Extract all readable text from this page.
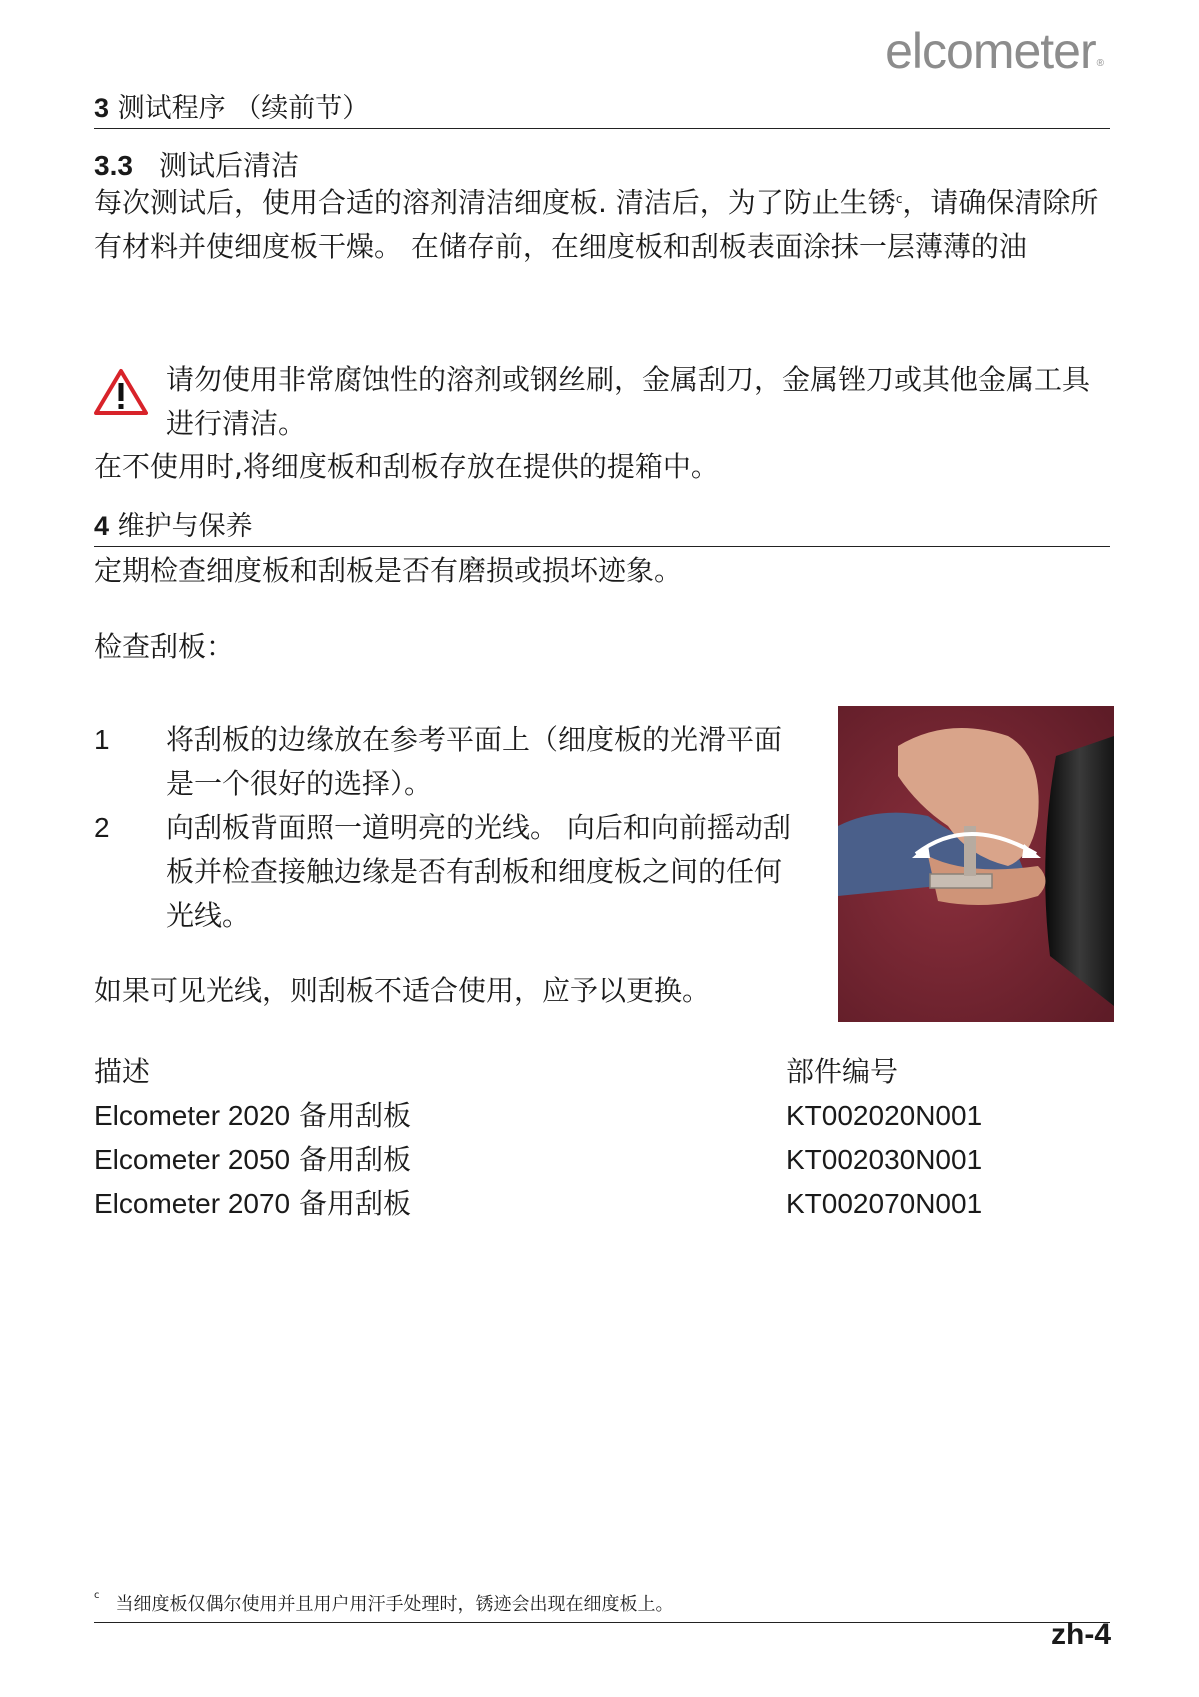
elcometer®
3 测试程序 （续前节）
3.3 测试后清洁
每次测试后，使用合适的溶剂清洁细度板. 清洁后，为了防止生锈$^c$，请确保清除所有材料并使细度板干燥。 在储存前，在细度板和刮板表面涂抹一层薄薄的油
请勿使用非常腐蚀性的溶剂或钢丝刷，金属刮刀，金属锉刀或其他金属工具进行清洁。
在不使用时,将细度板和刮板存放在提供的提箱中。
4 维护与保养
定期检查细度板和刮板是否有磨损或损坏迹象。
检查刮板：
1	将刮板的边缘放在参考平面上（细度板的光滑平面是一个很好的选择）。
2	向刮板背面照一道明亮的光线。 向后和向前摇动刮板并检查接触边缘是否有刮板和细度板之间的任何光线。
如果可见光线，则刮板不适合使用，应予以更换。
描述	部件编号
Elcometer 2020 备用刮板	KT002020N001
Elcometer 2050 备用刮板	KT002030N001
Elcometer 2070 备用刮板	KT002070N001
$^c$ 当细度板仅偶尔使用并且用户用汗手处理时，锈迹会出现在细度板上。
zh-4
